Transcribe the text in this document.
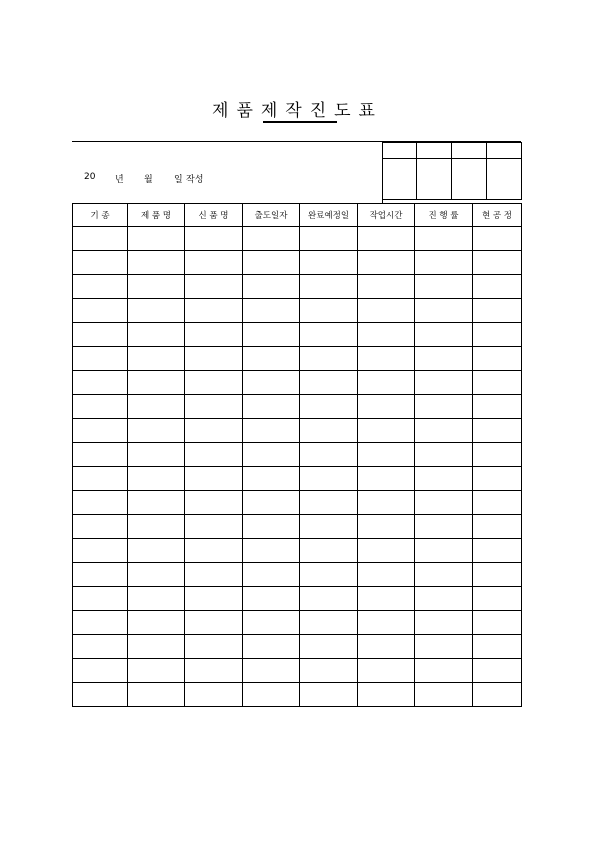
제품제작진도표
20 년 월 일 작성

기 종	제 품 명	신 품 명	출도일자	완료예정일	작업시간	진 행 률	현 공 정
